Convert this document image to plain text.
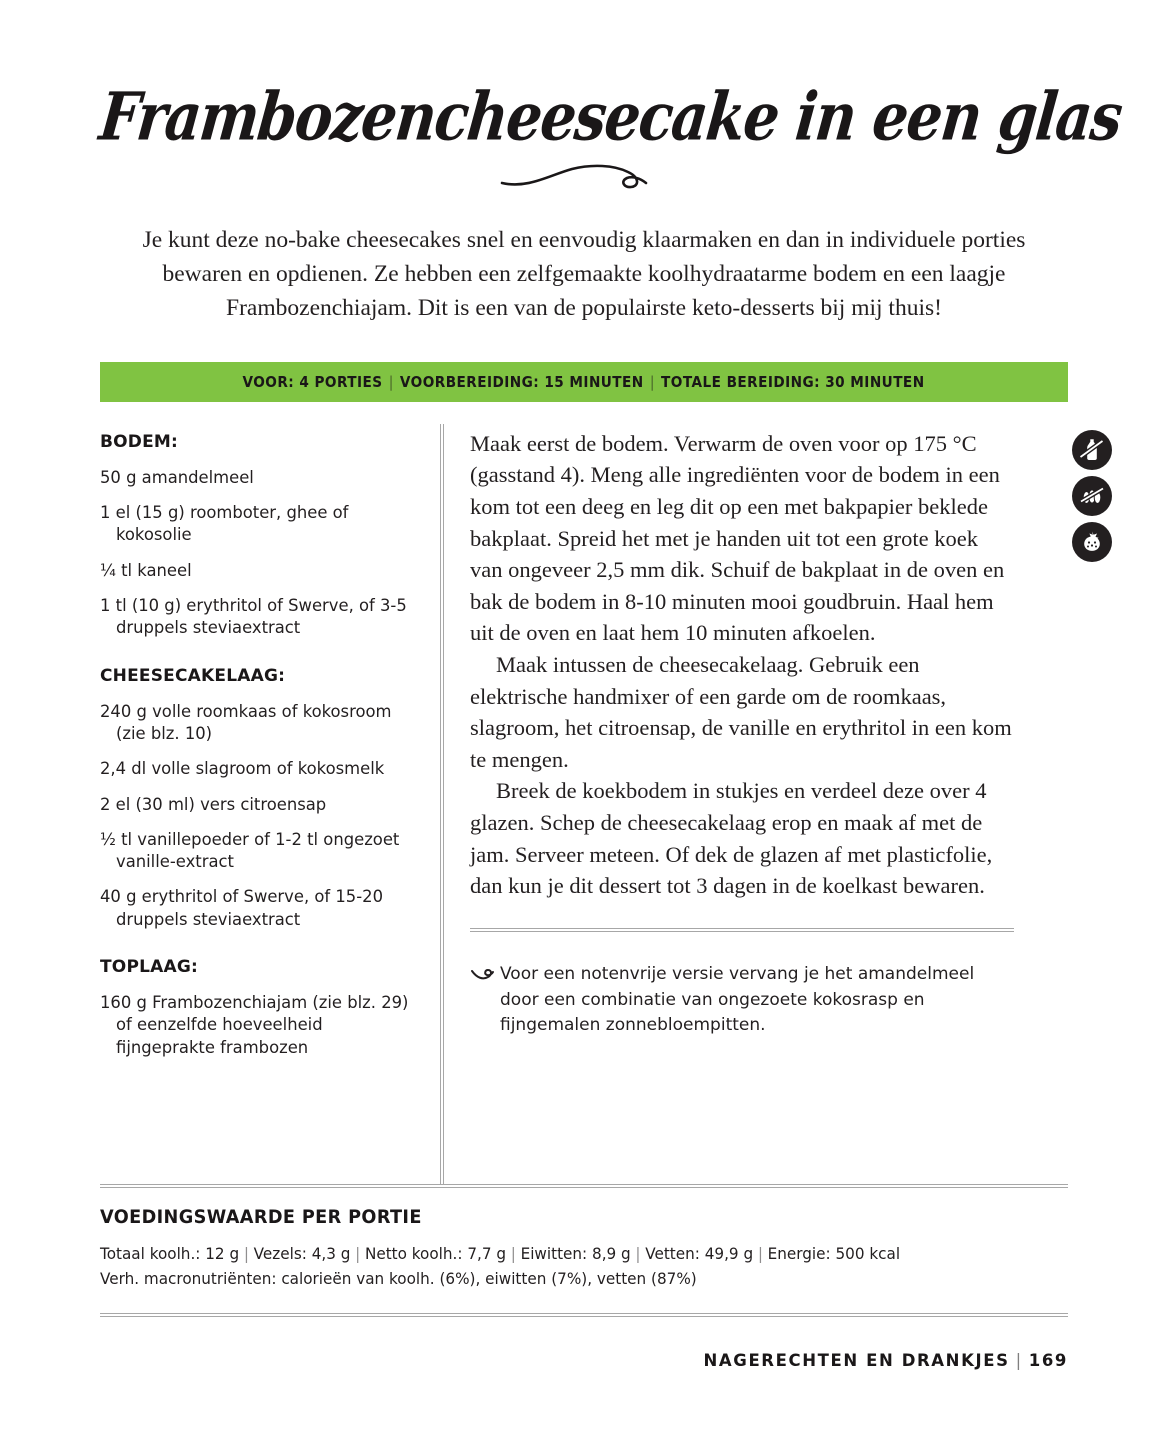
Frambozencheesecake in een glas
Je kunt deze no-bake cheesecakes snel en eenvoudig klaarmaken en dan in individuele porties bewaren en opdienen. Ze hebben een zelfgemaakte koolhydraatarme bodem en een laagje Frambozenchiajam. Dit is een van de populairste keto-desserts bij mij thuis!
VOOR: 4 PORTIES | VOORBEREIDING: 15 MINUTEN | TOTALE BEREIDING: 30 MINUTEN
BODEM:
50 g amandelmeel
1 el (15 g) roomboter, ghee of kokosolie
¼ tl kaneel
1 tl (10 g) erythritol of Swerve, of 3-5 druppels steviaextract
CHEESECAKELAAG:
240 g volle roomkaas of kokosroom (zie blz. 10)
2,4 dl volle slagroom of kokosmelk
2 el (30 ml) vers citroensap
½ tl vanillepoeder of 1-2 tl ongezoet vanille-extract
40 g erythritol of Swerve, of 15-20 druppels steviaextract
TOPLAAG:
160 g Frambozenchiajam (zie blz. 29) of eenzelfde hoeveelheid fijngeprakte frambozen

Maak eerst de bodem. Verwarm de oven voor op 175 °C (gasstand 4). Meng alle ingrediënten voor de bodem in een kom tot een deeg en leg dit op een met bakpapier beklede bakplaat. Spreid het met je handen uit tot een grote koek van ongeveer 2,5 mm dik. Schuif de bakplaat in de oven en bak de bodem in 8-10 minuten mooi goudbruin. Haal hem uit de oven en laat hem 10 minuten afkoelen.

Maak intussen de cheesecakelaag. Gebruik een elektrische handmixer of een garde om de roomkaas, slagroom, het citroensap, de vanille en erythritol in een kom te mengen.

Breek de koekbodem in stukjes en verdeel deze over 4 glazen. Schep de cheesecakelaag erop en maak af met de jam. Serveer meteen. Of dek de glazen af met plasticfolie, dan kun je dit dessert tot 3 dagen in de koelkast bewaren.

Voor een notenvrije versie vervang je het amandelmeel door een combinatie van ongezoete kokosrasp en fijngemalen zonnebloempitten.
VOEDINGSWAARDE PER PORTIE
Totaal koolh.: 12 g | Vezels: 4,3 g | Netto koolh.: 7,7 g | Eiwitten: 8,9 g | Vetten: 49,9 g | Energie: 500 kcal
Verh. macronutriënten: calorieën van koolh. (6%), eiwitten (7%), vetten (87%)
NAGERECHTEN EN DRANKJES | 169
